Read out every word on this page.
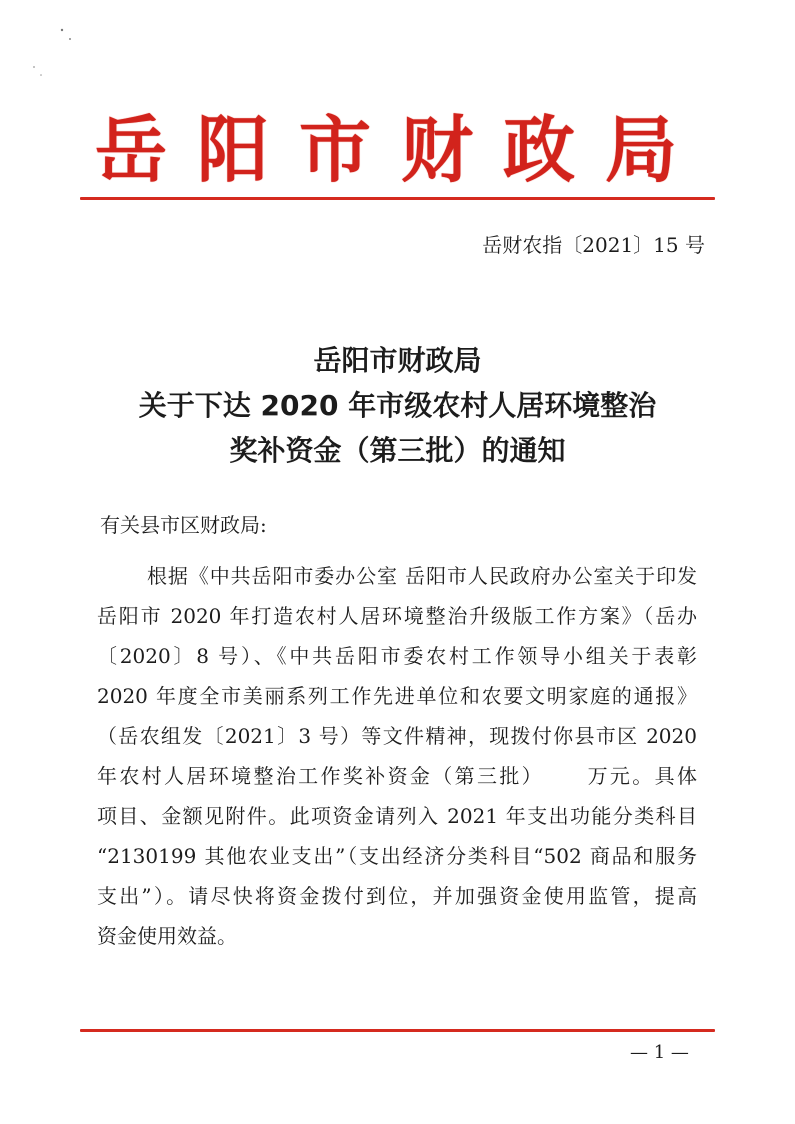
岳阳市财政局
岳财农指〔2021〕15 号
岳阳市财政局
关于下达 2020 年市级农村人居环境整治
奖补资金（第三批）的通知
有关县市区财政局:
根据《中共岳阳市委办公室 岳阳市人民政府办公室关于印发
岳阳市 2020 年打造农村人居环境整治升级版工作方案》（岳办
〔2020〕8 号）、《中共岳阳市委农村工作领导小组关于表彰
2020 年度全市美丽系列工作先进单位和农要文明家庭的通报》
（岳农组发〔2021〕3 号）等文件精神，现拨付你县市区 2020
年农村人居环境整治工作奖补资金（第三批）     万元。具体
项目、金额见附件。此项资金请列入 2021 年支出功能分类科目
“2130199 其他农业支出”（支出经济分类科目“502 商品和服务
支出”）。请尽快将资金拨付到位，并加强资金使用监管，提高
资金使用效益。
— 1 —
